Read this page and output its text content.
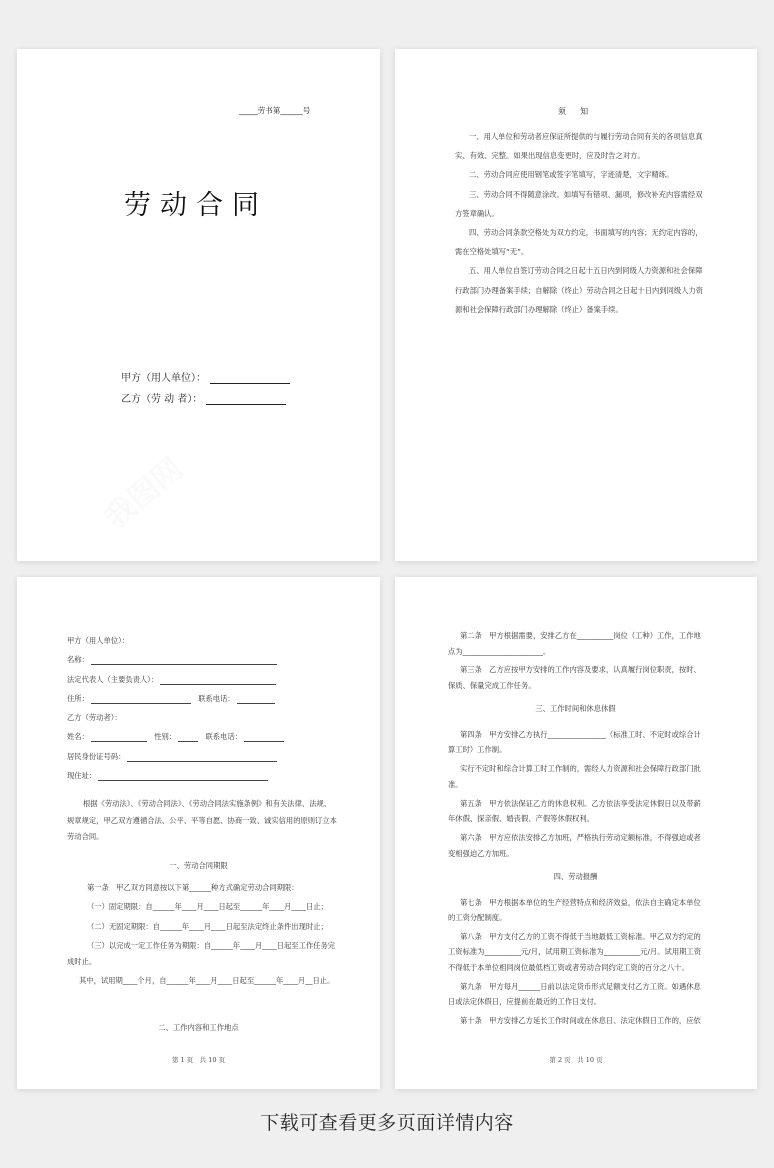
_____劳书第______号
劳动合同
甲方（用人单位）：
乙方（劳 动 者）：
须 知

一、用人单位和劳动者应保证所提供的与履行劳动合同有关的各项信息真实、有效、完整。如果出现信息变更时，应及时告之对方。

二、劳动合同应使用钢笔或签字笔填写，字迹清楚，文字精练。

三、劳动合同不得随意涂改。如填写有错项、漏项，修改补充内容需经双方签章确认。

四、劳动合同条款空格处为双方约定，书面填写的内容；无约定内容的，需在空格处填写“无”。

五、用人单位自签订劳动合同之日起十五日内到同级人力资源和社会保障行政部门办理备案手续；自解除（终止）劳动合同之日起十日内到同级人力资源和社会保障行政部门办理解除（终止）备案手续。

甲方（用人单位）：
名称：
法定代表人（主要负责人）：
住所：	联系电话：
乙方（劳动者）：
姓名：	性别：	联系电话：
居民身份证号码：
现住址：

根据《劳动法》、《劳动合同法》、《劳动合同法实施条例》和有关法律、法规、规章规定，甲乙双方遵循合法、公平、平等自愿、协商一致、诚实信用的原则订立本劳动合同。

一、劳动合同期限

第一条　甲乙双方同意按以下第______种方式确定劳动合同期限：

（一）固定期限：自______年____月____日起至______年____月____日止；

（二）无固定期限：自______年____月____日起至法定终止条件出现时止；

（三）以完成一定工作任务为期限：自______年____月____日起至工作任务完成时止。

其中，试用期____个月，自______年____月____日起至______年____月__日止。

二、工作内容和工作地点
第 1 页　共 10 页

第二条　甲方根据需要，安排乙方在__________岗位（工种）工作，工作地点为______________________。

第三条　乙方应按甲方安排的工作内容及要求，认真履行岗位职责，按时、保质、保量完成工作任务。

三、工作时间和休息休假

第四条　甲方安排乙方执行________________（标准工时、不定时或综合计算工时）工作制。

实行不定时和综合计算工时工作制的，需经人力资源和社会保障行政部门批准。

第五条　甲方依法保证乙方的休息权利。乙方依法享受法定休假日以及带薪年休假、探亲假、婚丧假、产假等休假权利。

第六条　甲方应依法安排乙方加班，严格执行劳动定额标准，不得强迫或者变相强迫乙方加班。

四、劳动报酬

第七条　甲方根据本单位的生产经营特点和经济效益，依法自主确定本单位的工资分配制度。

第八条　甲方支付乙方的工资不得低于当地最低工资标准。甲乙双方约定的工资标准为__________元/月，试用期工资标准为__________元/月。试用期工资不得低于本单位相同岗位最低档工资或者劳动合同约定工资的百分之八十。

第九条　甲方每月______日前以法定货币形式足额支付乙方工资。如遇休息日或法定休假日，应提前在最近的工作日支付。

第十条　甲方安排乙方延长工作时间或在休息日、法定休假日工作的，应依

第 2 页　共 10 页
下载可查看更多页面详情内容
